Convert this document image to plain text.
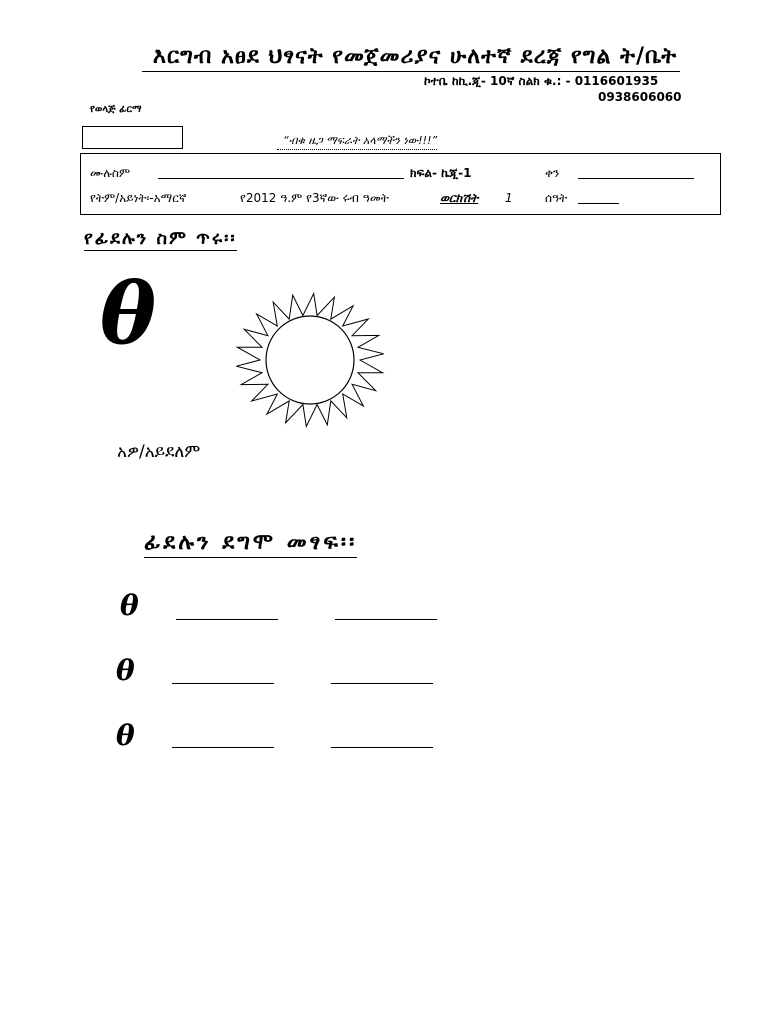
እርግብ አፀደ ህፃናት የመጀመሪያና ሁለተኛ ደረጃ የግል ት/ቤት
ኮተቤ ከኪ.ጂ- 10ኛ ስልክ ቁ.: - 0116601935
0938606060
የወላጅ ፊርማ
“ብቁ ዜጋ ማፍራት አላማችን ነው!!!”
ሙሉስም	ክፍል- ኬጂ-1	ቀን
የትም/አይነት፡-አማርኛ	የ2012 ዓ.ም የ3ኛው ሩብ ዓመት	ወርክሽት 1	ሰዓት
የፊደሉን ስም ጥሩ፡፡
θ
አዎ/አይደለም
ፊደሉን ደግሞ መፃፍ፡፡
θ
θ
θ
